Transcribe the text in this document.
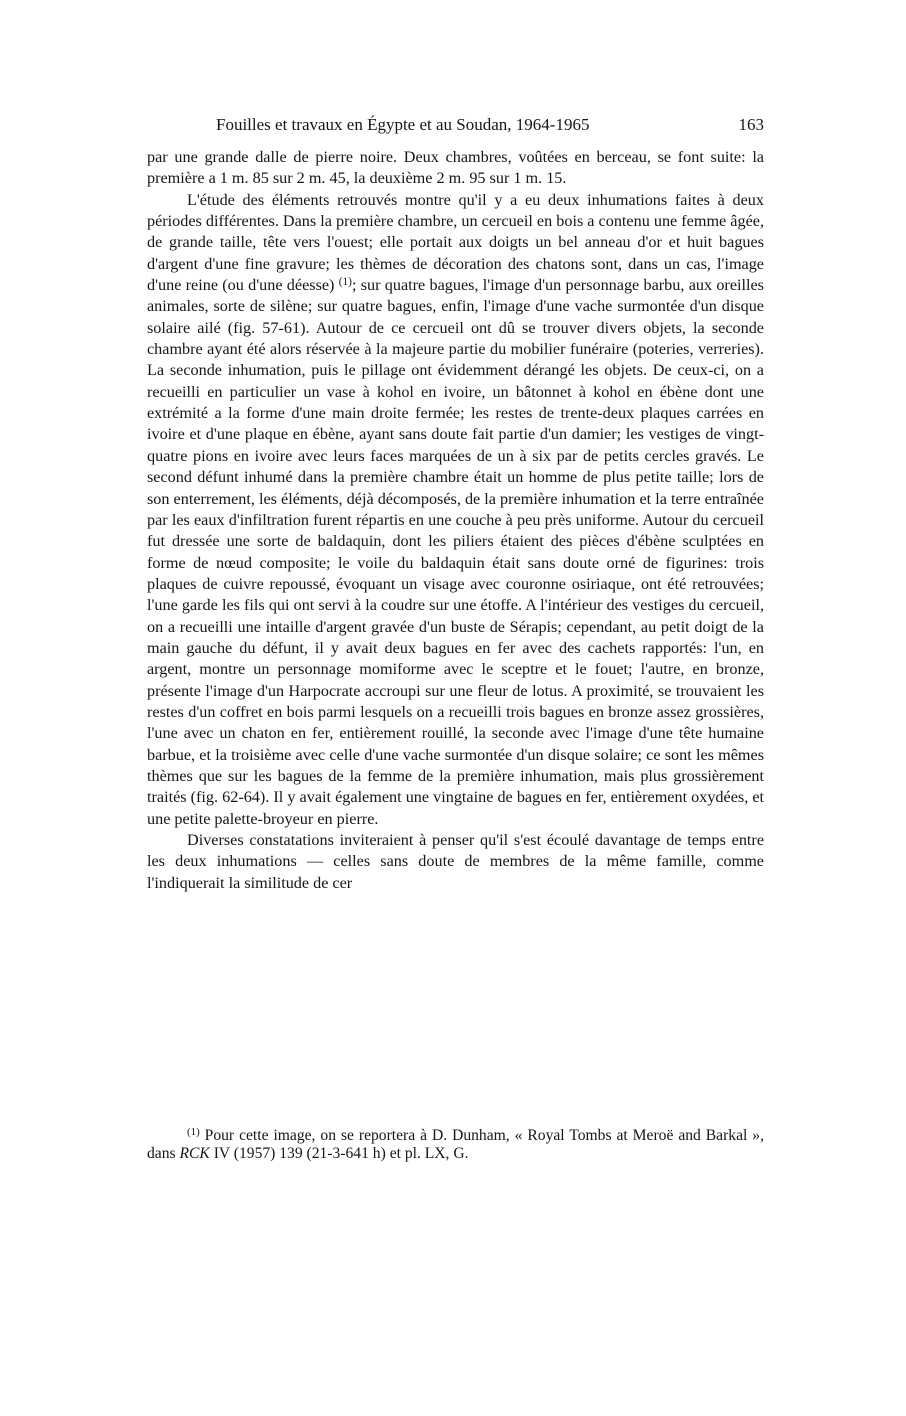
Fouilles et travaux en Égypte et au Soudan, 1964-1965	163

par une grande dalle de pierre noire. Deux chambres, voûtées en berceau, se font suite: la première a 1 m. 85 sur 2 m. 45, la deuxième 2 m. 95 sur 1 m. 15.

L'étude des éléments retrouvés montre qu'il y a eu deux inhumations faites à deux périodes différentes. Dans la première chambre, un cercueil en bois a contenu une femme âgée, de grande taille, tête vers l'ouest; elle portait aux doigts un bel anneau d'or et huit bagues d'argent d'une fine gravure; les thèmes de décoration des chatons sont, dans un cas, l'image d'une reine (ou d'une déesse) $^{(1)}$; sur quatre bagues, l'image d'un personnage barbu, aux oreilles animales, sorte de silène; sur quatre bagues, enfin, l'image d'une vache surmontée d'un disque solaire ailé (fig. 57-61). Autour de ce cercueil ont dû se trouver divers objets, la seconde chambre ayant été alors réservée à la majeure partie du mobilier funéraire (poteries, verreries). La seconde inhumation, puis le pillage ont évidemment dérangé les objets. De ceux-ci, on a recueilli en particulier un vase à kohol en ivoire, un bâtonnet à kohol en ébène dont une extrémité a la forme d'une main droite fermée; les restes de trente-deux plaques carrées en ivoire et d'une plaque en ébène, ayant sans doute fait partie d'un damier; les vestiges de vingt-quatre pions en ivoire avec leurs faces marquées de un à six par de petits cercles gravés. Le second défunt inhumé dans la première chambre était un homme de plus petite taille; lors de son enterrement, les éléments, déjà décomposés, de la première inhumation et la terre entraînée par les eaux d'infiltration furent répartis en une couche à peu près uniforme. Autour du cercueil fut dressée une sorte de baldaquin, dont les piliers étaient des pièces d'ébène sculptées en forme de nœud composite; le voile du baldaquin était sans doute orné de figurines: trois plaques de cuivre repoussé, évoquant un visage avec couronne osiriaque, ont été retrouvées; l'une garde les fils qui ont servi à la coudre sur une étoffe. A l'intérieur des vestiges du cercueil, on a recueilli une intaille d'argent gravée d'un buste de Sérapis; cependant, au petit doigt de la main gauche du défunt, il y avait deux bagues en fer avec des cachets rapportés: l'un, en argent, montre un personnage momiforme avec le sceptre et le fouet; l'autre, en bronze, présente l'image d'un Harpocrate accroupi sur une fleur de lotus. A proximité, se trouvaient les restes d'un coffret en bois parmi lesquels on a recueilli trois bagues en bronze assez grossières, l'une avec un chaton en fer, entièrement rouillé, la seconde avec l'image d'une tête humaine barbue, et la troisième avec celle d'une vache surmontée d'un disque solaire; ce sont les mêmes thèmes que sur les bagues de la femme de la première inhumation, mais plus grossièrement traités (fig. 62-64). Il y avait également une vingtaine de bagues en fer, entièrement oxydées, et une petite palette-broyeur en pierre.

Diverses constatations inviteraient à penser qu'il s'est écoulé davantage de temps entre les deux inhumations — celles sans doute de membres de la même famille, comme l'indiquerait la similitude de cer

$^{(1)}$ Pour cette image, on se reportera à D. Dunham, « Royal Tombs at Meroë and Barkal », dans RCK IV (1957) 139 (21-3-641 h) et pl. LX, G.
